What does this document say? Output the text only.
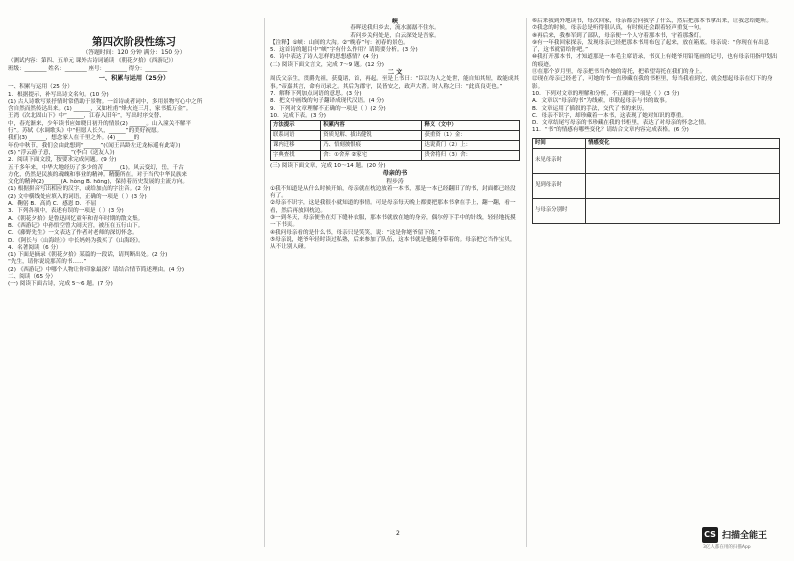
第四次阶段性练习
（答题时间：120 分钟 满分：150 分）
（测试内容：第四、五单元 课外古诗词诵读 《朝花夕拾》《西游记》）
班级：________ 姓名：________ 座号：________ 得分：________
一、积累与运用（25分）

一、积累与运用（25 分）

1．根据提示，补写出诗文名句。(10 分)

(1) 古人诗歌写景抒情时常借助于景物。一首诗或者词中，多用景物写心中之所

含自然而然传达出来。(1) ______，又如杜甫“烽火连三月，家书抵万金”。

王湾《次北固山下》中“______，江春入旧年”，写出时序交替、

中，春光渐来，少年读书应如晓日初升的情景(2) ______。山入潼关不解平

行”。苏轼《水调歌头》中“但愿人长久，______”的美好祝愿。

我们(3) ______，想念家人在千里之外。(4) ______的

年份中秋节，我们会由此想到“______”(《闻王昌龄左迁龙标遥有此寄》)

(5) “浮云游子意，______”(李白《送友人》)

2．阅读下面文段，按要求完成问题。(9 分)

五千多年来，中华大地经历了多少的苦______(1)。风云变幻，岳，千古

方化，仍然是民族的魂魄和事业的精神。精髓所在。对于当代中华民族来

文化的精神(2)______(A. hòng B. hōng)，保持着历史发展的主流方向。

(1) 根据拼音写出相应的汉字，或给加点的字注音。(2 分)

(2) 文中横线处应填入的词语，正确的一项是（ ）(3 分)

A．鞠躬 B．高尚 C．感恩 D．不屈

3．下列各项中，表述有误的一项是（ ）(3 分)

A．《朝花夕拾》是鲁迅回忆童年和青年时期的散文集。

B．《西游记》中孙悟空曾大闹天宫，被压在五行山下。

C．《藤野先生》一文表达了作者对老师的深切怀念。

D．《阿长与〈山海经〉》中长妈妈为我买了《山海经》。

4．名著阅读（6 分）

(1) 下面是摘录《朝花夕拾》某篇的一段话，请判断出处。(2 分)

“先生，请你说说那苦的书……”

(2) 《西游记》中哪个人物让你印象最深？请结合情节简述理由。(4 分)

二、阅读（65 分）

(一) 阅读下面古诗，完成 5～6 题。(7 分)

峡

春晖送我归乡去，流水潺潺不住东。

若问乡关何处是，白云深处是吾家。

【注释】①峡：山间的大沟。②“晚春”句：初春的景色。

5．这首诗的题目中“峡”字有什么作用？请简要分析。(3 分)

6．诗中表达了诗人怎样的思想感情？(4 分)

(二) 阅读下面文言文，完成 7～9 题。(12 分)

二 文

周氏父亲生，贯爵先祖，获蔓诸，首，再起。至是上书曰：“臣以为人之处世，能自知其短，故能成其事。”帝嘉其言，命有司录之。其后为郡守，民皆安之，政声大著。时人称之曰：“此真良吏也。”

7．解释下列加点词语的意思。(3 分)

8．把文中画线的句子翻译成现代汉语。(4 分)

9．下列对文章理解不正确的一项是（ ）(2 分)

10．完成下表。(3 分)

方法提示	积累内容	释义（文中）
联系词语	资质见解、拔出健锐	获重资（1）金：
课内迁移	乃、悟刻披恨痕	达说黄门（2）上：
字典查找	舍：①舍弃 ②家宅	贵舍将归（3）舍：
(三) 阅读下面文章，完成 10～14 题。(20 分)
母亲的书
程步涛

①我不知道是从什么时候开始，母亲就在枕边放着一本书，那是一本已经翻旧了的书，封面都已经没有了。

②母亲不识字，这是我很小就知道的事情。可是母亲每天晚上都要把那本书拿在手上，翻一翻，看一看，然后再放回枕边。

③一到冬天，母亲便坐在灯下缝补衣服，那本书就放在她的身旁，偶尔停下手中的针线，轻轻地抚摸一下书页。

④我问母亲看的是什么书，母亲只是笑笑，说：“这是你姥爷留下的。”

⑤母亲说，姥爷年轻时读过私塾，后来参加了队伍，这本书就是他随身带着的。母亲把它当作宝贝，从不让别人碰。

⑥后来我到外地读书，每次回家，母亲都会问我学了什么，然后把那本书拿出来，让我念给她听。

⑦我念的时候，母亲总是听得很认真，有时候还会跟着轻声重复一句。

⑧再后来，我参军到了部队，母亲便一个人守着那本书，守着那盏灯。

⑨有一年我回家探亲，发现母亲已经把那本书用布包了起来，放在箱底。母亲说：“你现在有出息了，这书就留给你吧。”

⑩我打开那本书，才知道那是一本毛主席语录，书页上有姥爷用铅笔画的记号，也有母亲用指甲划出的痕迹。

⑪在那个岁月里，母亲把书当作她的寄托，把希望寄托在我们的身上。

⑫现在母亲已经老了，可她的书一直珍藏在我的书柜里，每当我看到它，就会想起母亲在灯下的身影。

10．下列对文章的理解和分析，不正确的一项是（ ）(3 分)

A．文章以“母亲的书”为线索，串联起母亲与书的故事。

B．文章运用了插叙的手法，交代了书的来历。

C．母亲不识字，却珍藏着一本书，这表现了她对知识的尊重。

D．文章结尾写母亲的书珍藏在我的书柜里，表达了对母亲的怀念之情。

11．“书”的情感有哪些变化？请结合文章内容完成表格。(6 分)

时间	情感变化
未见母亲时	
见到母亲时	
与母亲分别时	
2	CS 扫描全能王
3亿人都在用的扫描App
